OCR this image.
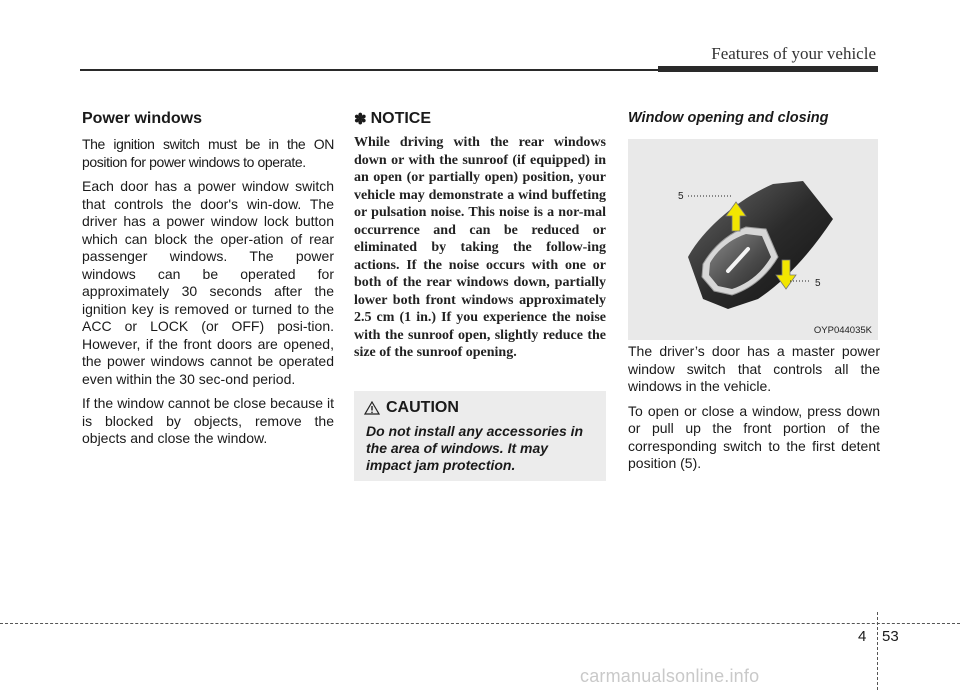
Features of your vehicle
Power windows

The ignition switch must be in the ON position for power windows to operate.

Each door has a power window switch that controls the door's win-dow. The driver has a power window lock button which can block the oper-ation of rear passenger windows. The power windows can be operated for approximately 30 seconds after the ignition key is removed or turned to the ACC or LOCK (or OFF) posi-tion. However, if the front doors are opened, the power windows cannot be operated even within the 30 sec-ond period.

If the window cannot be close because it is blocked by objects, remove the objects and close the window.

✽ NOTICE

While driving with the rear windows down or with the sunroof (if equipped) in an open (or partially open) position, your vehicle may demonstrate a wind buffeting or pulsation noise. This noise is a nor-mal occurrence and can be reduced or eliminated by taking the follow-ing actions. If the noise occurs with one or both of the rear windows down, partially lower both front windows approximately 2.5 cm (1 in.) If you experience the noise with the sunroof open, slightly reduce the size of the sunroof opening.

CAUTION
Do not install any accessories in the area of windows. It may impact jam protection.
Window opening and closing
5
5
OYP044035K

The driver’s door has a master power window switch that controls all the windows in the vehicle.

To open or close a window, press down or pull up the front portion of the corresponding switch to the first detent position (5).

4 53
carmanualsonline.info
